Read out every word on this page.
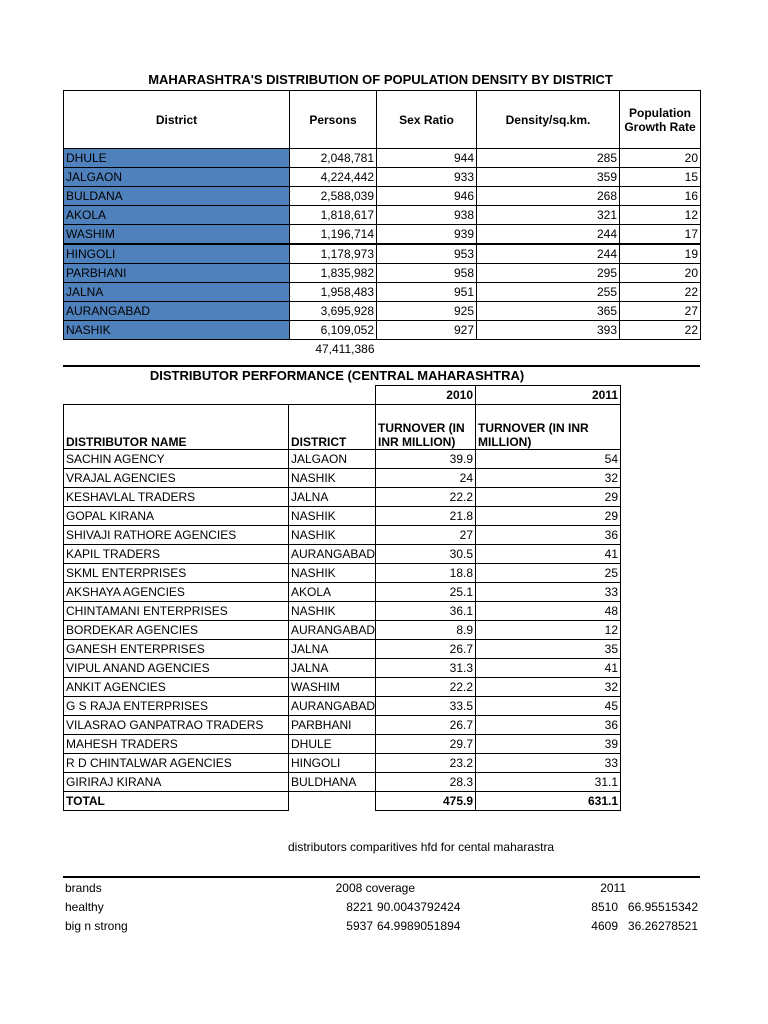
MAHARASHTRA'S DISTRIBUTION OF POPULATION DENSITY BY DISTRICT
District	Persons	Sex Ratio	Density/sq.km.	Population Growth Rate
DHULE	2,048,781	944	285	20
JALGAON	4,224,442	933	359	15
BULDANA	2,588,039	946	268	16
AKOLA	1,818,617	938	321	12
WASHIM	1,196,714	939	244	17
HINGOLI	1,178,973	953	244	19
PARBHANI	1,835,982	958	295	20
JALNA	1,958,483	951	255	22
AURANGABAD	3,695,928	925	365	27
NASHIK	6,109,052	927	393	22
	47,411,386			
DISTRIBUTOR PERFORMANCE (CENTRAL MAHARASHTRA)
		2010	2011
DISTRIBUTOR NAME	DISTRICT	TURNOVER (IN INR MILLION)	TURNOVER (IN INR MILLION)
SACHIN AGENCY	JALGAON	39.9	54
VRAJAL AGENCIES	NASHIK	24	32
KESHAVLAL TRADERS	JALNA	22.2	29
GOPAL KIRANA	NASHIK	21.8	29
SHIVAJI RATHORE AGENCIES	NASHIK	27	36
KAPIL TRADERS	AURANGABAD	30.5	41
SKML ENTERPRISES	NASHIK	18.8	25
AKSHAYA AGENCIES	AKOLA	25.1	33
CHINTAMANI ENTERPRISES	NASHIK	36.1	48
BORDEKAR AGENCIES	AURANGABAD	8.9	12
GANESH ENTERPRISES	JALNA	26.7	35
VIPUL ANAND AGENCIES	JALNA	31.3	41
ANKIT AGENCIES	WASHIM	22.2	32
G S RAJA ENTERPRISES	AURANGABAD	33.5	45
VILASRAO GANPATRAO TRADERS	PARBHANI	26.7	36
MAHESH TRADERS	DHULE	29.7	39
R D CHINTALWAR AGENCIES	HINGOLI	23.2	33
GIRIRAJ KIRANA	BULDHANA	28.3	31.1
TOTAL		475.9	631.1
distributors comparitives hfd for cental maharastra
brands	2008 coverage		2011	
healthy	8221	90.0043792424	8510	66.95515342
big n strong	5937	64.9989051894	4609	36.26278521
